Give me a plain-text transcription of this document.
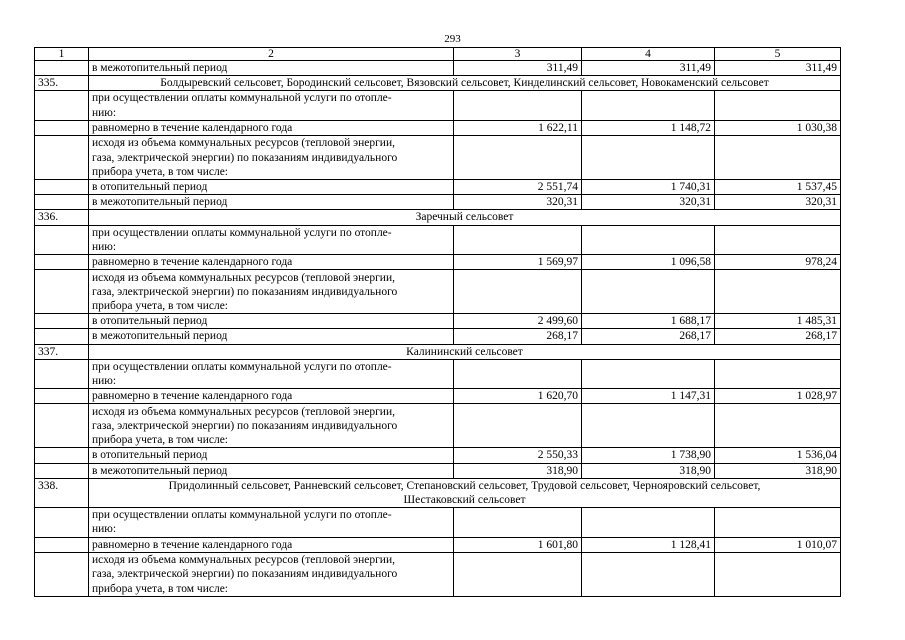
293
1	2	3	4	5
	в межотопительный период	311,49	311,49	311,49
335.	Болдыревский сельсовет, Бородинский сельсовет, Вязовский сельсовет, Кинделинский сельсовет, Новокаменский сельсовет			
	при осуществлении оплаты коммунальной услуги по отопле-
нию:			
	равномерно в течение календарного года	1 622,11	1 148,72	1 030,38
	исходя из объема коммунальных ресурсов (тепловой энергии,
газа, электрической энергии) по показаниям индивидуального
прибора учета, в том числе:			
	в отопительный период	2 551,74	1 740,31	1 537,45
	в межотопительный период	320,31	320,31	320,31
336.	Заречный сельсовет			
	при осуществлении оплаты коммунальной услуги по отопле-
нию:			
	равномерно в течение календарного года	1 569,97	1 096,58	978,24
	исходя из объема коммунальных ресурсов (тепловой энергии,
газа, электрической энергии) по показаниям индивидуального
прибора учета, в том числе:			
	в отопительный период	2 499,60	1 688,17	1 485,31
	в межотопительный период	268,17	268,17	268,17
337.	Калининский сельсовет			
	при осуществлении оплаты коммунальной услуги по отопле-
нию:			
	равномерно в течение календарного года	1 620,70	1 147,31	1 028,97
	исходя из объема коммунальных ресурсов (тепловой энергии,
газа, электрической энергии) по показаниям индивидуального
прибора учета, в том числе:			
	в отопительный период	2 550,33	1 738,90	1 536,04
	в межотопительный период	318,90	318,90	318,90
338.	Придолинный сельсовет, Ранневский сельсовет, Степановский сельсовет, Трудовой сельсовет, Чернояровский сельсовет,
Шестаковский сельсовет			
	при осуществлении оплаты коммунальной услуги по отопле-
нию:			
	равномерно в течение календарного года	1 601,80	1 128,41	1 010,07
	исходя из объема коммунальных ресурсов (тепловой энергии,
газа, электрической энергии) по показаниям индивидуального
прибора учета, в том числе:			
